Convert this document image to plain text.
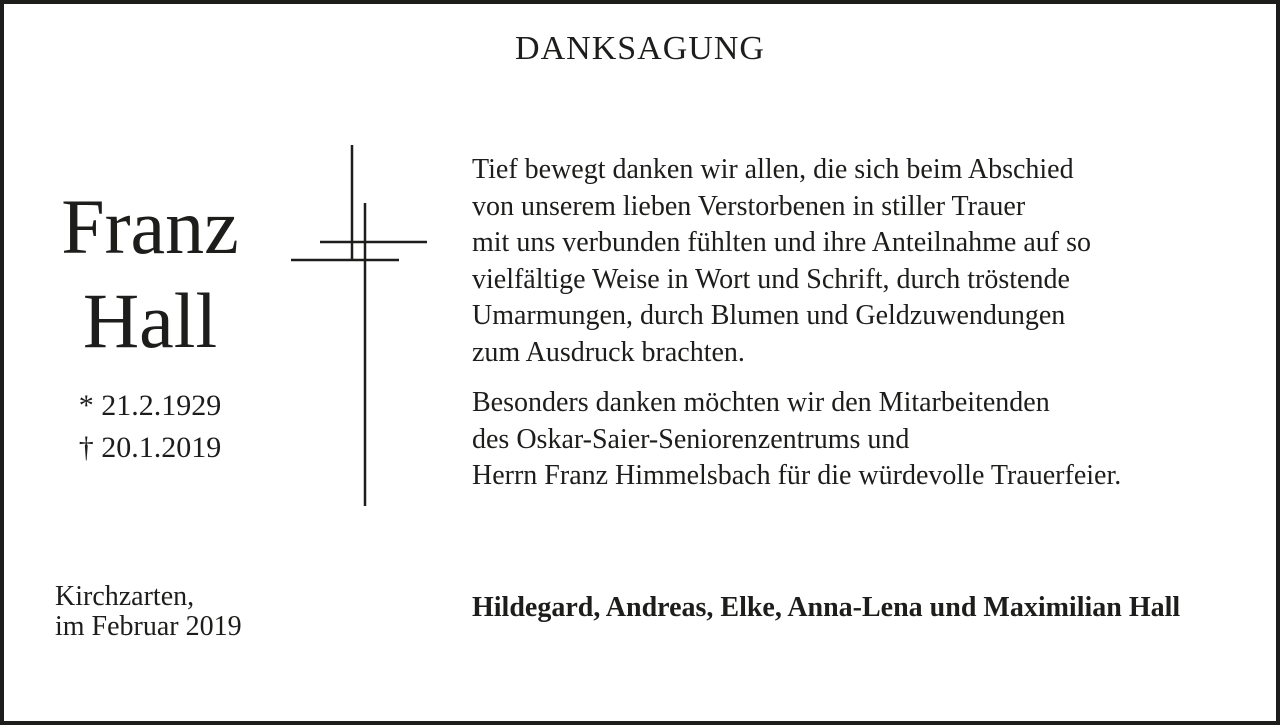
DANKSAGUNG
Franz
Hall
* 21.2.1929
† 20.1.2019

Tief bewegt danken wir allen, die sich beim Abschied
von unserem lieben Verstorbenen in stiller Trauer
mit uns verbunden fühlten und ihre Anteilnahme auf so
vielfältige Weise in Wort und Schrift, durch tröstende
Umarmungen, durch Blumen und Geldzuwendungen
zum Ausdruck brachten.

Besonders danken möchten wir den Mitarbeitenden
des Oskar-Saier-Seniorenzentrums und
Herrn Franz Himmelsbach für die würdevolle Trauerfeier.

Kirchzarten,
im Februar 2019
Hildegard, Andreas, Elke, Anna-Lena und Maximilian Hall
